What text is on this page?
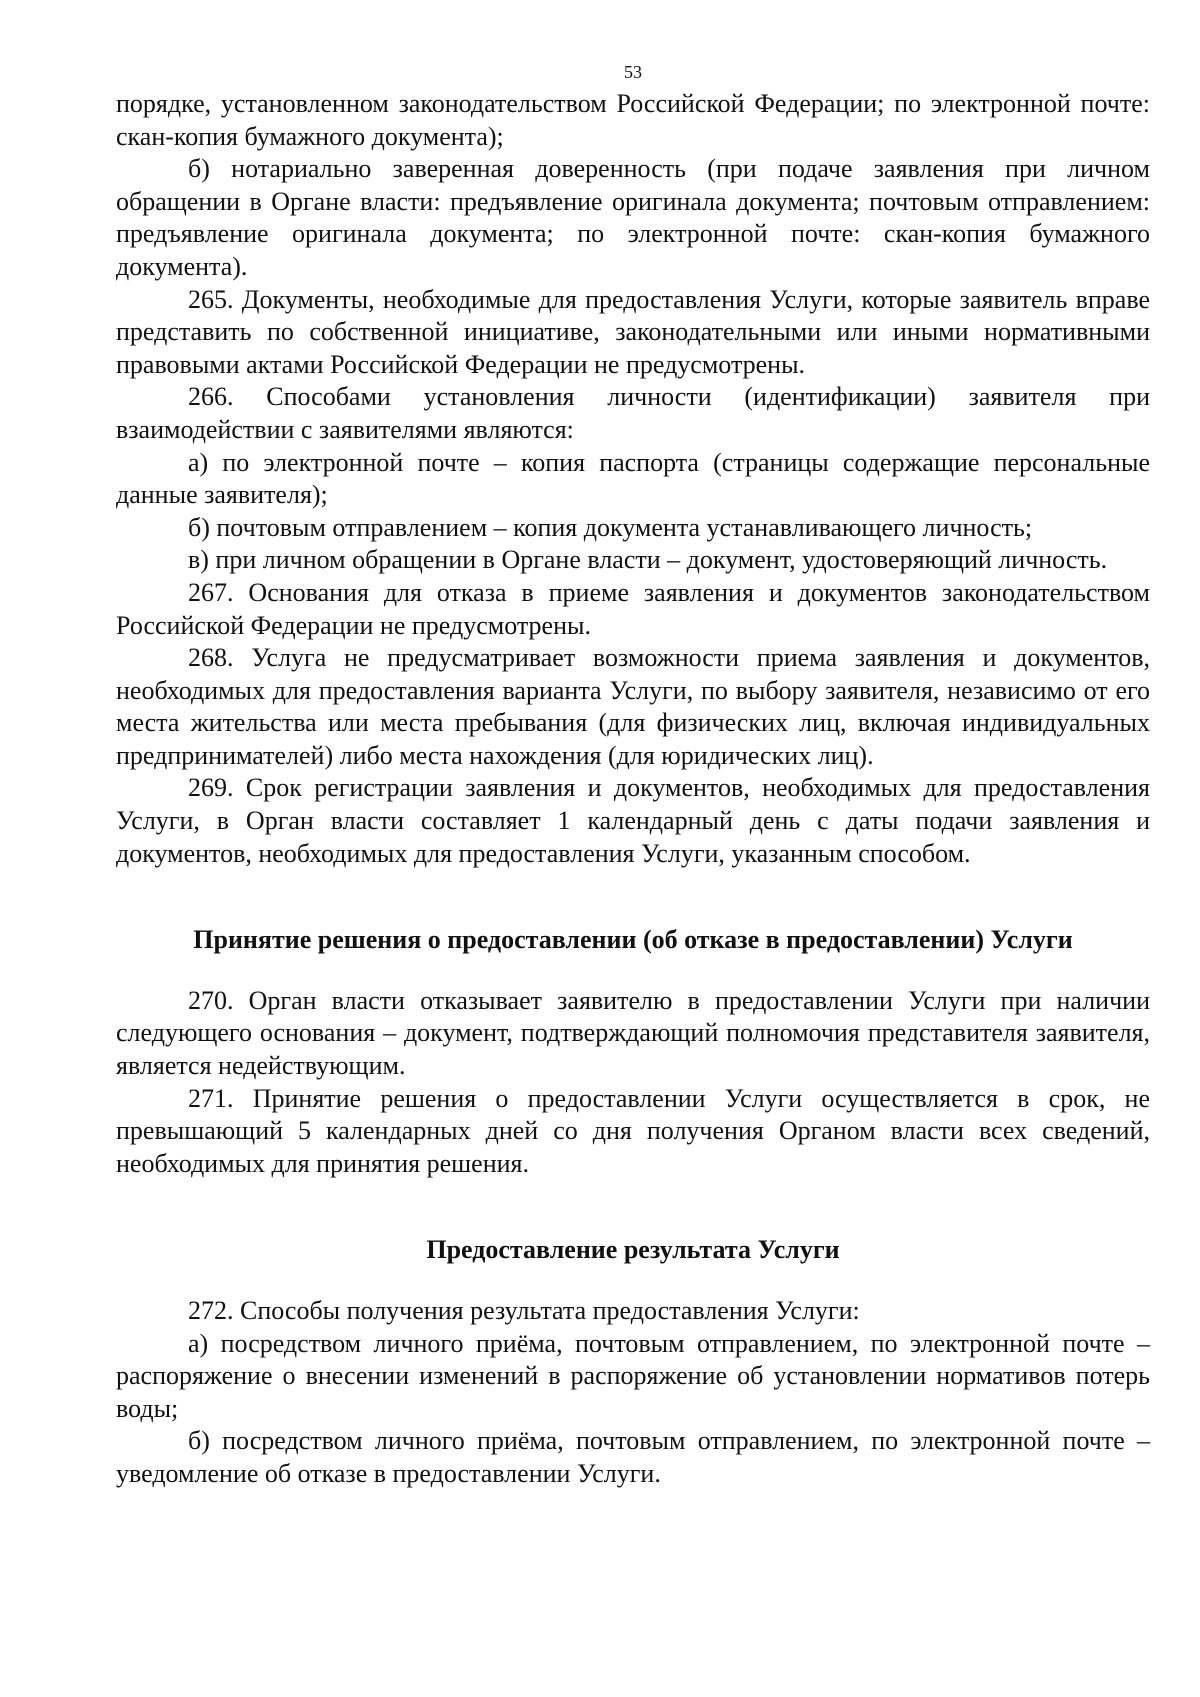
53

порядке, установленном законодательством Российской Федерации; по электронной почте: скан-копия бумажного документа);

б) нотариально заверенная доверенность (при подаче заявления при личном обращении в Органе власти: предъявление оригинала документа; почтовым отправлением: предъявление оригинала документа; по электронной почте: скан-копия бумажного документа).

265. Документы, необходимые для предоставления Услуги, которые заявитель вправе представить по собственной инициативе, законодательными или иными нормативными правовыми актами Российской Федерации не предусмотрены.

266. Способами установления личности (идентификации) заявителя при взаимодействии с заявителями являются:

а) по электронной почте – копия паспорта (страницы содержащие персональные данные заявителя);

б) почтовым отправлением – копия документа устанавливающего личность;

в) при личном обращении в Органе власти – документ, удостоверяющий личность.

267. Основания для отказа в приеме заявления и документов законодательством Российской Федерации не предусмотрены.

268. Услуга не предусматривает возможности приема заявления и документов, необходимых для предоставления варианта Услуги, по выбору заявителя, независимо от его места жительства или места пребывания (для физических лиц, включая индивидуальных предпринимателей) либо места нахождения (для юридических лиц).

269. Срок регистрации заявления и документов, необходимых для предоставления Услуги, в Орган власти составляет 1 календарный день с даты подачи заявления и документов, необходимых для предоставления Услуги, указанным способом.

Принятие решения о предоставлении (об отказе в предоставлении) Услуги

270. Орган власти отказывает заявителю в предоставлении Услуги при наличии следующего основания – документ, подтверждающий полномочия представителя заявителя, является недействующим.

271. Принятие решения о предоставлении Услуги осуществляется в срок, не превышающий 5 календарных дней со дня получения Органом власти всех сведений, необходимых для принятия решения.

Предоставление результата Услуги

272. Способы получения результата предоставления Услуги:

а) посредством личного приёма, почтовым отправлением, по электронной почте – распоряжение о внесении изменений в распоряжение об установлении нормативов потерь воды;

б) посредством личного приёма, почтовым отправлением, по электронной почте – уведомление об отказе в предоставлении Услуги.
